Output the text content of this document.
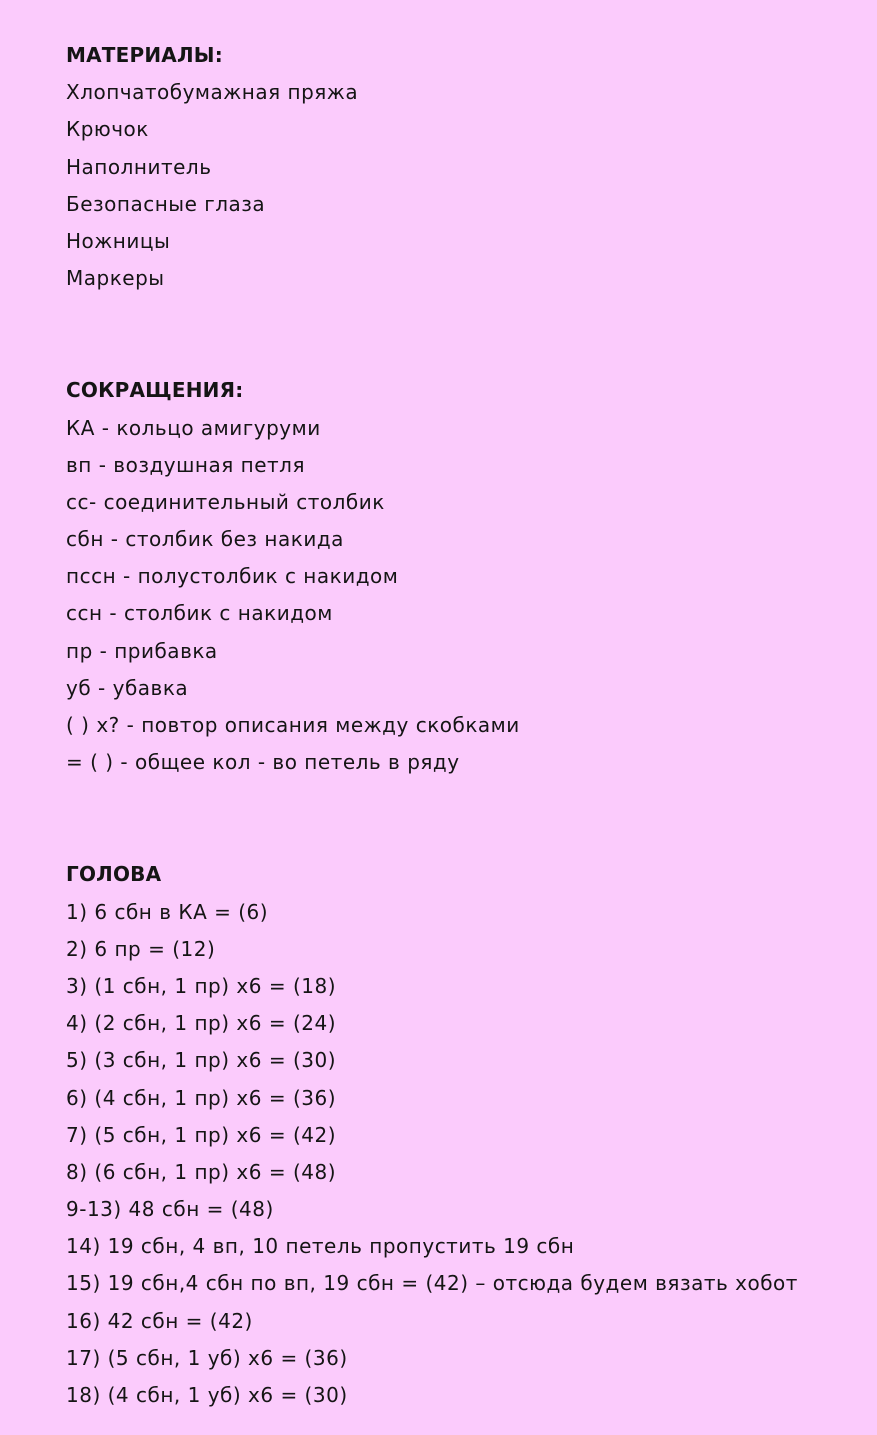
МАТЕРИАЛЫ:
Хлопчатобумажная пряжа
Крючок
Наполнитель
Безопасные глаза
Ножницы
Маркеры
СОКРАЩЕНИЯ:
КА - кольцо амигуруми
вп - воздушная петля
сс- соединительный столбик
сбн - столбик без накида
пссн - полустолбик с накидом
ссн - столбик с накидом
пр - прибавка
уб - убавка
( ) х? - повтор описания между скобками
= ( ) - общее кол - во петель в ряду
ГОЛОВА
1) 6 сбн в КА = (6)
2) 6 пр = (12)
3) (1 сбн, 1 пр) х6 = (18)
4) (2 сбн, 1 пр) х6 = (24)
5) (3 сбн, 1 пр) х6 = (30)
6) (4 сбн, 1 пр) х6 = (36)
7) (5 сбн, 1 пр) х6 = (42)
8) (6 сбн, 1 пр) х6 = (48)
9-13) 48 сбн = (48)
14) 19 сбн, 4 вп, 10 петель пропустить 19 сбн
15) 19 сбн,4 сбн по вп, 19 сбн = (42) – отсюда будем вязать хобот
16) 42 сбн = (42)
17) (5 сбн, 1 уб) х6 = (36)
18) (4 сбн, 1 уб) х6 = (30)
